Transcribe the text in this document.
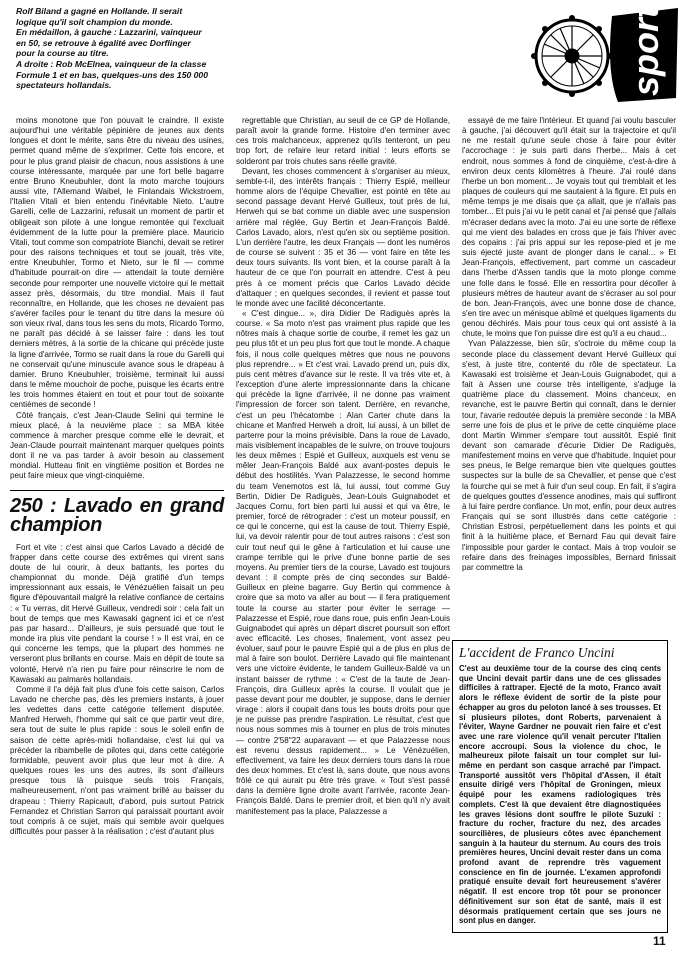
Rolf Biland a gagné en Hollande. Il serait

logique qu'il soit champion du monde.

En médaillon, à gauche : Lazzarini, vainqueur

en 50, se retrouve à égalité avec Dorflinger

pour la course au titre.

A droite : Rob McElnea, vainqueur de la classe

Formule 1 et en bas, quelques-uns des 150 000

spectateurs hollandais.	sport

moins monotone que l'on pouvait le craindre. Il existe aujourd'hui une véritable pépinière de jeunes aux dents longues et dont le mérite, sans être du niveau des usines, permet quand même de s'exprimer. Cette fois encore, et pour le plus grand plaisir de chacun, nous assistions à une course intéressante, marquée par une fort belle bagarre entre Bruno Kneubuhler, dont la moto marche toujours aussi vite, l'Allemand Waibel, le Finlandais Wickstroem, l'Italien Vitali et bien entendu l'inévitable Nieto. L'autre Garelli, celle de Lazzarini, refusait un moment de partir et obligeait son pilote à une longue remontée qui l'excluait évidemment de la lutte pour la première place. Mauricio Vitali, tout comme son compatriote Bianchi, devait se retirer pour des raisons techniques et tout se jouait, très vite, entre Kneubuhler, Tormo et Nieto, sur le fil — comme d'habitude pourrait-on dire — attendait la toute dernière seconde pour remporter une nouvelle victoire qui le mettait assez près, désormais, du titre mondial. Mais il faut reconnaître, en Hollande, que les choses ne devaient pas s'avérer faciles pour le tenant du titre dans la mesure où son vieux rival, dans tous les sens du mots, Ricardo Tormo, ne paraît pas décidé à se laisser faire : dans les tout derniers mètres, à la sortie de la chicane qui précède juste la ligne d'arrivée, Tormo se ruait dans la roue du Garelli qui ne conservait qu'une minuscule avance sous le drapeau à damier. Bruno Kneubuhler, troisième, terminait lui aussi dans le même mouchoir de poche, puisque les écarts entre les trois hommes étaient en tout et pour tout de soixante centièmes de seconde !

Côté français, c'est Jean-Claude Selini qui termine le mieux placé, à la neuvième place : sa MBA kitée commence à marcher presque comme elle le devrait, et Jean-Claude pourrait maintenant marquer quelques points dont il ne va pas tarder à avoir besoin au classement mondial. Hutteau finit en vingtième position et Bordes ne peut faire mieux que vingt-cinquième.

250 : Lavado en grand champion

Fort et vite : c'est ainsi que Carlos Lavado a décidé de frapper dans cette course des extrêmes qui virent sans doute de lui courir, à deux battants, les portes du championnat du monde. Déjà gratifié d'un temps impressionnant aux essais, le Vénézuélien faisait un peu figure d'épouvantail malgré la relative confiance de certains : « Tu verras, dit Hervé Guilleux, vendredi soir : cela fait un bout de temps que mes Kawasaki gagnent ici et ce n'est pas par hasard... D'ailleurs, je suis persuadé que tout le monde ira plus vite pendant la course ! » Il est vrai, en ce qui concerne les temps, que la plupart des hommes ne verseront plus brillants en course. Mais en dépit de toute sa volonté, Hervé n'a rien pu faire pour réinscrire le nom de Kawasaki au palmarès hollandais.

Comme il l'a déjà fait plus d'une fois cette saison, Carlos Lavado ne cherche pas, dès les premiers instants, à jouer les vedettes dans cette catégorie tellement disputée. Manfred Herweh, l'homme qui sait ce que partir veut dire, sera tout de suite le plus rapide : sous le soleil enfin de saison de cette après-midi hollandaise, c'est lui qui va précéder la ribambelle de pilotes qui, dans cette catégorie formidable, peuvent avoir plus que leur mot à dire. A quelques roues les uns des autres, ils sont d'ailleurs presque tous là puisque seuls trois Français, malheureusement, n'ont pas vraiment brillé au baisser du drapeau : Thierry Rapicault, d'abord, puis surtout Patrick Fernandez et Christian Sarron qui paraissait pourtant avoir tout compris à ce sujet, mais qui semble avoir quelques difficultés pour passer à la réalisation ; c'est d'autant plus

regrettable que Christian, au seuil de ce GP de Hollande, paraît avoir la grande forme. Histoire d'en terminer avec ces trois malchanceux, apprenez qu'ils tenteront, un peu trop fort, de refaire leur retard initial : leurs efforts se solderont par trois chutes sans réelle gravité.

Devant, les choses commencent à s'organiser au mieux, semble-t-il, des intérêts français : Thierry Espié, meilleur homme alors de l'équipe Chevallier, est pointé en tête au second passage devant Hervé Guilleux, tout près de lui, Herweh qui se bat comme un diable avec une suspension arrière mal réglée, Guy Bertin et Jean-François Baldé. Carlos Lavado, alors, n'est qu'en six ou septième position. L'un derrière l'autre, les deux Français — dont les numéros de course se suivent : 35 et 36 — vont faire en tête les deux tours suivants. Ils vont bien, et la course paraît à la hauteur de ce que l'on pourrait en attendre. C'est à peu près à ce moment précis que Carlos Lavado décide d'attaquer ; en quelques secondes, il revient et passe tout le monde avec une facilité déconcertante.

« C'est dingue... », dira Didier De Radiguès après la course. « Sa moto n'est pas vraiment plus rapide que les nôtres mais à chaque sortie de courbe, il remet les gaz un peu plus tôt et un peu plus fort que tout le monde. A chaque fois, il nous colle quelques mètres que nous ne pouvons plus reprendre... » Et c'est vrai. Lavado prend un, puis dix, puis cent mètres d'avance sur le reste. Il va très vite et, à l'exception d'une alerte impressionnante dans la chicane qui précède la ligne d'arrivée, il ne donne pas vraiment l'impression de forcer son talent. Derrière, en revanche, c'est un peu l'hécatombe : Alan Carter chute dans la chicane et Manfred Herweh a droit, lui aussi, à un billet de parterre pour la moins prévisible. Dans la roue de Lavado, mais visiblement incapables de le suivre, on trouve toujours les deux mêmes : Espié et Guilleux, auxquels est venu se mêler Jean-François Baldé aux avant-postes depuis le début des hostilités. Yvan Palazzesse, le second homme du team Venemotos est là, lui aussi, tout comme Guy Bertin, Didier De Radiguès, Jean-Louis Guignabodet et Jacques Cornu, fort bien parti lui aussi et qui va être, le premier, forcé de rétrograder : c'est un moteur poussif, en ce qui le concerne, qui est la cause de tout. Thierry Espié, lui, va devoir ralentir pour de tout autres raisons : c'est son cuir tout neuf qui le gêne à l'articulation et lui cause une crampe terrible qui le prive d'une bonne partie de ses moyens. Au premier tiers de la course, Lavado est toujours devant : il compte près de cinq secondes sur Baldé-Guilleux en pleine bagarre. Guy Bertin qui commence à croire que sa moto va aller au bout — il fera pratiquement toute la course au starter pour éviter le serrage — Palazzesse et Espié, roue dans roue, puis enfin Jean-Louis Guignabodet qui après un départ discret poursuit son effort avec efficacité. Les choses, finalement, vont assez peu évoluer, sauf pour le pauvre Espié qui a de plus en plus de mal à faire son boulot. Derrière Lavado qui file maintenant vers une victoire évidente, le tandem Guilleux-Baldé va un instant baisser de rythme : « C'est de la faute de Jean-François, dira Guilleux après la course. Il voulait que je passe devant pour me doubler, je suppose, dans le dernier virage : alors il coupait dans tous les bouts droits pour que je ne puisse pas prendre l'aspiration. Le résultat, c'est que nous nous sommes mis à tourner en plus de trois minutes — contre 2'58"22 auparavant — et que Palazzesse nous est revenu dessus rapidement... » Le Vénézuélien, effectivement, va faire les deux derniers tours dans la roue des deux hommes. Et c'est là, sans doute, que nous avons frôlé ce qui aurait pu être très grave. « Tout s'est passé dans la dernière ligne droite avant l'arrivée, raconte Jean-François Baldé. Dans le premier droit, et bien qu'il n'y avait manifestement pas la place, Palazzesse a

essayé de me faire l'intérieur. Et quand j'ai voulu basculer à gauche, j'ai découvert qu'il était sur la trajectoire et qu'il ne me restait qu'une seule chose à faire pour éviter l'accrochage : je suis parti dans l'herbe... Mais à cet endroit, nous sommes à fond de cinquième, c'est-à-dire à environ deux cents kilomètres à l'heure. J'ai roulé dans l'herbe un bon moment... Je voyais tout qui tremblait et les plaques de couleurs qui me sautaient à la figure. Et puis en même temps je me disais que ça allait, que je n'allais pas tomber... Et puis j'ai vu le petit canal et j'ai pensé que j'allais m'écraser dedans avec la moto. J'ai eu une sorte de réflexe qui me vient des balades en cross que je fais l'hiver avec des copains : j'ai pris appui sur les repose-pied et je me suis éjecté juste avant de plonger dans le canal... » Et Jean-François, effectivement, part comme un cascadeur dans l'herbe d'Assen tandis que la moto plonge comme une folle dans le fossé. Elle en ressortira pour décoller à plusieurs mètres de hauteur avant de s'écraser au sol pour de bon. Jean-François, avec une bonne dose de chance, s'en tire avec un ménisque abîmé et quelques ligaments du genou déchirés. Mais pour tous ceux qui ont assisté à la chute, le moins que l'on puisse dire est qu'il a eu chaud...

Yvan Palazzesse, bien sûr, s'octroie du même coup la seconde place du classement devant Hervé Guilleux qui s'est, à juste titre, contenté du rôle de spectateur. La Kawasaki est troisième et Jean-Louis Guignabodet, qui a fait à Assen une course très intelligente, s'adjuge la quatrième place du classement. Moins chanceux, en revanche, est le pauvre Bertin qui connaît, dans le dernier tour, l'avarie redoutée depuis la première seconde : la MBA serre une fois de plus et le prive de cette cinquième place dont Martin Wimmer s'empare tout aussitôt. Espié finit devant son camarade d'écurie Didier De Radiguès, manifestement moins en verve que d'habitude. Inquiet pour ses pneus, le Belge remarque bien vite quelques gouttes suspectes sur la bulle de sa Chevallier, et pense que c'est la fourche qui se met à fuir d'un seul coup. En fait, il s'agira de quelques gouttes d'essence anodines, mais qui suffiront à lui faire perdre confiance. Un mot, enfin, pour deux autres Français qui se sont illustrés dans cette catégorie : Christian Estrosi, perpétuellement dans les points et qui finit à la huitième place, et Bernard Fau qui devait faire l'impossible pour garder le contact. Mais à trop vouloir se refaire dans des freinages impossibles, Bernard finissait par commettre la

L'accident de Franco Uncini

C'est au deuxième tour de la course des cinq cents que Uncini devait partir dans une de ces glissades difficiles à rattraper. Ejecté de la moto, Franco avait alors le réflexe évident de sortir de la piste pour échapper au gros du peloton lancé à ses trousses. Et si plusieurs pilotes, dont Roberts, parvenaient à l'éviter, Wayne Gardner ne pouvait rien faire et c'est avec une rare violence qu'il venait percuter l'Italien encore accroupi. Sous la violence du choc, le malheureux pilote faisait un tour complet sur lui-même en perdant son casque arraché par l'impact. Transporté aussitôt vers l'hôpital d'Assen, il était ensuite dirigé vers l'hôpital de Groningen, mieux équipé pour les examens radiologiques très complets. C'est là que devaient être diagnostiquées les graves lésions dont souffre le pilote Suzuki : fracture du rocher, fracture du nez, des arcades sourcilières, de plusieurs côtes avec épanchement sanguin à la hauteur du sternum. Au cours des trois premières heures, Uncini devait rester dans un coma profond avant de reprendre très vaguement conscience en fin de journée. L'examen approfondi pratiqué ensuite devait fort heureusement s'avérer négatif. Il est encore trop tôt pour se prononcer définitivement sur son état de santé, mais il est désormais pratiquement certain que ses jours ne sont plus en danger.

11
